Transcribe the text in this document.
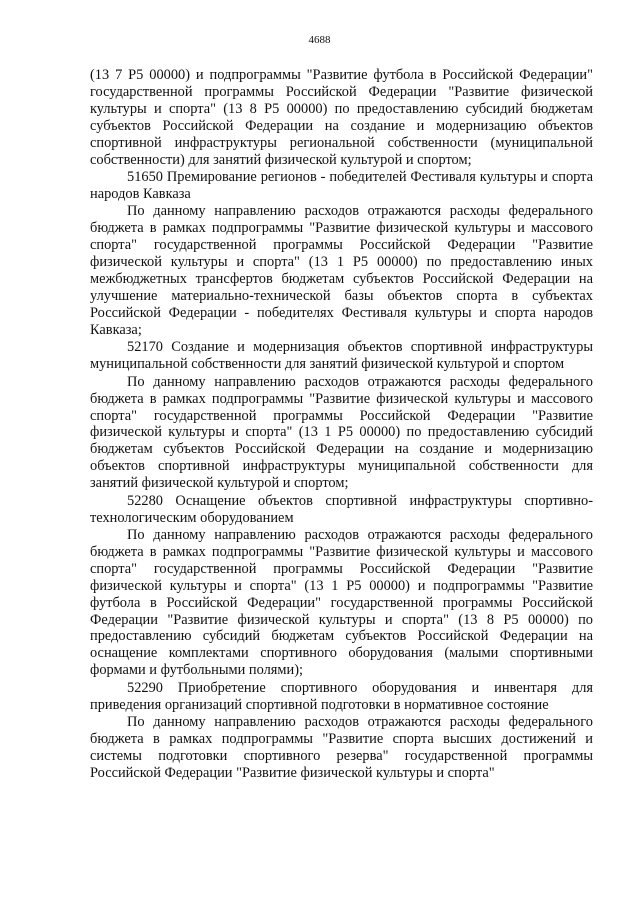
4688

(13 7 Р5 00000) и подпрограммы "Развитие футбола в Российской Федерации" государственной программы Российской Федерации "Развитие физической культуры и спорта" (13 8 Р5 00000) по предоставлению субсидий бюджетам субъектов Российской Федерации на создание и модернизацию объектов спортивной инфраструктуры региональной собственности (муниципальной собственности) для занятий физической культурой и спортом;

51650 Премирование регионов - победителей Фестиваля культуры и спорта народов Кавказа

По данному направлению расходов отражаются расходы федерального бюджета в рамках подпрограммы "Развитие физической культуры и массового спорта" государственной программы Российской Федерации "Развитие физической культуры и спорта" (13 1 Р5 00000) по предоставлению иных межбюджетных трансфертов бюджетам субъектов Российской Федерации на улучшение материально-технической базы объектов спорта в субъектах Российской Федерации - победителях Фестиваля культуры и спорта народов Кавказа;

52170 Создание и модернизация объектов спортивной инфраструктуры муниципальной собственности для занятий физической культурой и спортом

По данному направлению расходов отражаются расходы федерального бюджета в рамках подпрограммы "Развитие физической культуры и массового спорта" государственной программы Российской Федерации "Развитие физической культуры и спорта" (13 1 Р5 00000) по предоставлению субсидий бюджетам субъектов Российской Федерации на создание и модернизацию объектов спортивной инфраструктуры муниципальной собственности для занятий физической культурой и спортом;

52280 Оснащение объектов спортивной инфраструктуры спортивно-технологическим оборудованием

По данному направлению расходов отражаются расходы федерального бюджета в рамках подпрограммы "Развитие физической культуры и массового спорта" государственной программы Российской Федерации "Развитие физической культуры и спорта" (13 1 Р5 00000) и подпрограммы "Развитие футбола в Российской Федерации" государственной программы Российской Федерации "Развитие физической культуры и спорта" (13 8 Р5 00000) по предоставлению субсидий бюджетам субъектов Российской Федерации на оснащение комплектами спортивного оборудования (малыми спортивными формами и футбольными полями);

52290 Приобретение спортивного оборудования и инвентаря для приведения организаций спортивной подготовки в нормативное состояние

По данному направлению расходов отражаются расходы федерального бюджета в рамках подпрограммы "Развитие спорта высших достижений и системы подготовки спортивного резерва" государственной программы Российской Федерации "Развитие физической культуры и спорта"
